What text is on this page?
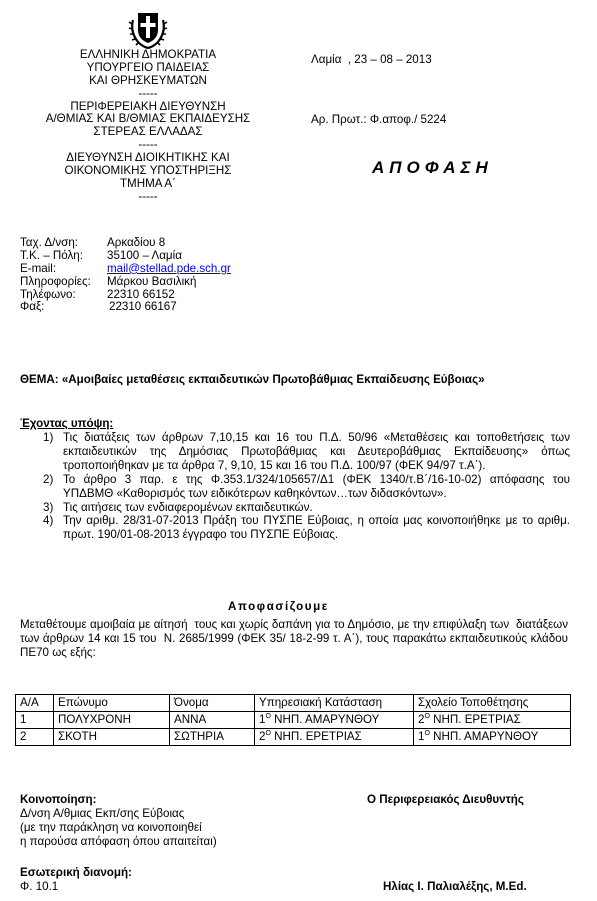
ΕΛΛΗΝΙΚΗ ΔΗΜΟΚΡΑΤΙΑ
ΥΠΟΥΡΓΕΙΟ ΠΑΙΔΕΙΑΣ
ΚΑΙ ΘΡΗΣΚΕΥΜΑΤΩΝ
-----
ΠΕΡΙΦΕΡΕΙΑΚΗ ΔΙΕΥΘΥΝΣΗ
Α/ΘΜΙΑΣ ΚΑΙ Β/ΘΜΙΑΣ ΕΚΠΑΙΔΕΥΣΗΣ
ΣΤΕΡΕΑΣ ΕΛΛΑΔΑΣ
-----
ΔΙΕΥΘΥΝΣΗ ΔΙΟΙΚΗΤΙΚΗΣ ΚΑΙ
ΟΙΚΟΝΟΜΙΚΗΣ ΥΠΟΣΤΗΡΙΞΗΣ
ΤΜΗΜΑ Α΄
-----
Ταχ. Δ/νση:	Αρκαδίου 8
Τ.Κ. – Πόλη: 35100 – Λαμία
E-mail:	mail@stellad.pde.sch.gr
Πληροφορίες: Μάρκου Βασιλική
Τηλέφωνο:	22310 66152
Φαξ:	22310 66167
Λαμία  , 23 – 08 – 2013
Αρ. Πρωτ.: Φ.αποφ./ 5224
ΑΠΟΦΑΣΗ
ΘΕΜΑ: «Αμοιβαίες μεταθέσεις εκπαιδευτικών Πρωτοβάθμιας Εκπαίδευσης Εύβοιας»
Έχοντας υπόψη:
1) Τις διατάξεις των άρθρων 7,10,15 και 16 του Π.Δ. 50/96 «Μεταθέσεις και τοποθετήσεις των εκπαιδευτικών της Δημόσιας Πρωτοβάθμιας και Δευτεροβάθμιας Εκπαίδευσης» όπως τροποποιήθηκαν με τα άρθρα 7, 9,10, 15 και 16 του Π.Δ. 100/97 (ΦΕΚ 94/97 τ.Α΄).
2) Το άρθρο 3 παρ. ε της Φ.353.1/324/105657/Δ1 (ΦΕΚ 1340/τ.Β΄/16-10-02) απόφασης του ΥΠΔΒΜΘ «Καθορισμός των ειδικότερων καθηκόντων…των διδασκόντων».
3) Τις αιτήσεις των ενδιαφερομένων εκπαιδευτικών.
4) Την αριθμ. 28/31-07-2013 Πράξη του ΠΥΣΠΕ Εύβοιας, η οποία μας κοινοποιήθηκε με το αριθμ. πρωτ. 190/01-08-2013 έγγραφο του ΠΥΣΠΕ Εύβοιας.
Αποφασίζουμε
Μεταθέτουμε αμοιβαία με αίτησή  τους και χωρίς δαπάνη για το Δημόσιο, με την επιφύλαξη των  διατάξεων των άρθρων 14 και 15 του  Ν. 2685/1999 (ΦΕΚ 35/ 18-2-99 τ. Α΄), τους παρακάτω εκπαιδευτικούς κλάδου ΠΕ70 ως εξής:
Α/Α	Επώνυμο	Όνομα	Υπηρεσιακή Κατάσταση	Σχολείο Τοποθέτησης
1	ΠΟΛΥΧΡΟΝΗ	ΑΝΝΑ	$1^O$ ΝΗΠ. ΑΜΑΡΥΝΘΟΥ	$2^O$ ΝΗΠ. ΕΡΕΤΡΙΑΣ
2	ΣΚΟΤΗ	ΣΩΤΗΡΙΑ	$2^O$ ΝΗΠ. ΕΡΕΤΡΙΑΣ	$1^O$ ΝΗΠ. ΑΜΑΡΥΝΘΟΥ
Κοινοποίηση:
Δ/νση Α/θμιας Εκπ/σης Εύβοιας
(με την παράκληση να κοινοποιηθεί
η παρούσα απόφαση όπου απαιτείται)
Εσωτερική διανομή:
Φ. 10.1
Ο Περιφερειακός Διευθυντής
Ηλίας Ι. Παλιαλέξης, Μ.Ed.
